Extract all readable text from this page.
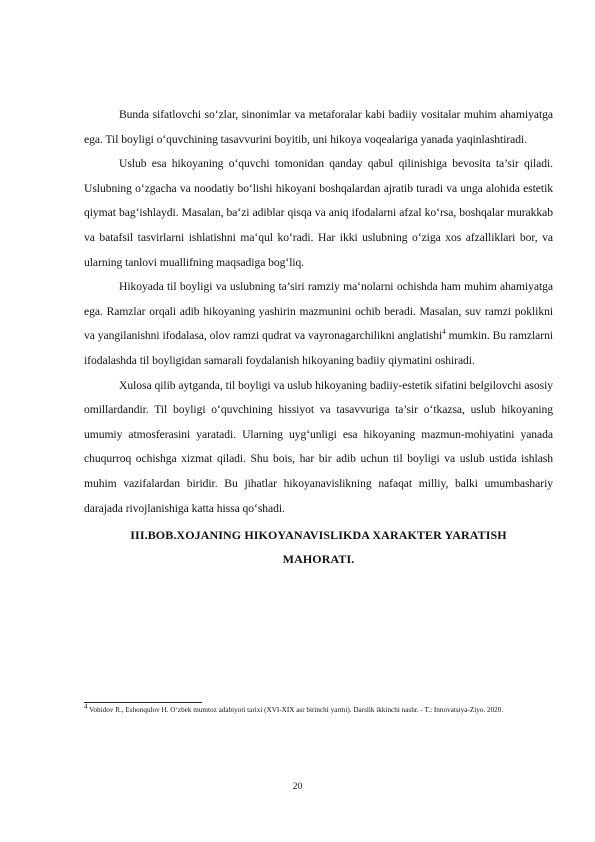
Bunda sifatlovchi so‘zlar, sinonimlar va metaforalar kabi badiiy vositalar muhim ahamiyatga ega. Til boyligi o‘quvchining tasavvurini boyitib, uni hikoya voqealariga yanada yaqinlashtiradi.

Uslub esa hikoyaning o‘quvchi tomonidan qanday qabul qilinishiga bevosita ta’sir qiladi. Uslubning o‘zgacha va noodatiy bo‘lishi hikoyani boshqalardan ajratib turadi va unga alohida estetik qiymat bag‘ishlaydi. Masalan, ba‘zi adiblar qisqa va aniq ifodalarni afzal ko‘rsa, boshqalar murakkab va batafsil tasvirlarni ishlatishni ma‘qul ko‘radi. Har ikki uslubning o‘ziga xos afzalliklari bor, va ularning tanlovi muallifning maqsadiga bog‘liq.

Hikoyada til boyligi va uslubning ta’siri ramziy ma‘nolarni ochishda ham muhim ahamiyatga ega. Ramzlar orqali adib hikoyaning yashirin mazmunini ochib beradi. Masalan, suv ramzi poklikni va yangilanishni ifodalasa, olov ramzi qudrat va vayronagarchilikni anglatishi$^4$ mumkin. Bu ramzlarni ifodalashda til boyligidan samarali foydalanish hikoyaning badiiy qiymatini oshiradi.

Xulosa qilib aytganda, til boyligi va uslub hikoyaning badiiy-estetik sifatini belgilovchi asosiy omillardandir. Til boyligi o‘quvchining hissiyot va tasavvuriga ta’sir o‘tkazsa, uslub hikoyaning umumiy atmosferasini yaratadi. Ularning uyg‘unligi esa hikoyaning mazmun-mohiyatini yanada chuqurroq ochishga xizmat qiladi. Shu bois, har bir adib uchun til boyligi va uslub ustida ishlash muhim vazifalardan biridir. Bu jihatlar hikoyanavislikning nafaqat milliy, balki umumbashariy darajada rivojlanishiga katta hissa qo‘shadi.

III.BOB.XOJANING HIKOYANAVISLIKDA XARAKTER YARATISH
MAHORATI.

$^4$ Vohidov R., Eshonqulov H. O‘zbek mumtoz adabiyoti tarixi (XVI-XIX asr birinchi yarmi). Darslik ikkinchi nashr. - T.: Innovatsiya-Ziyo. 2020.

20
